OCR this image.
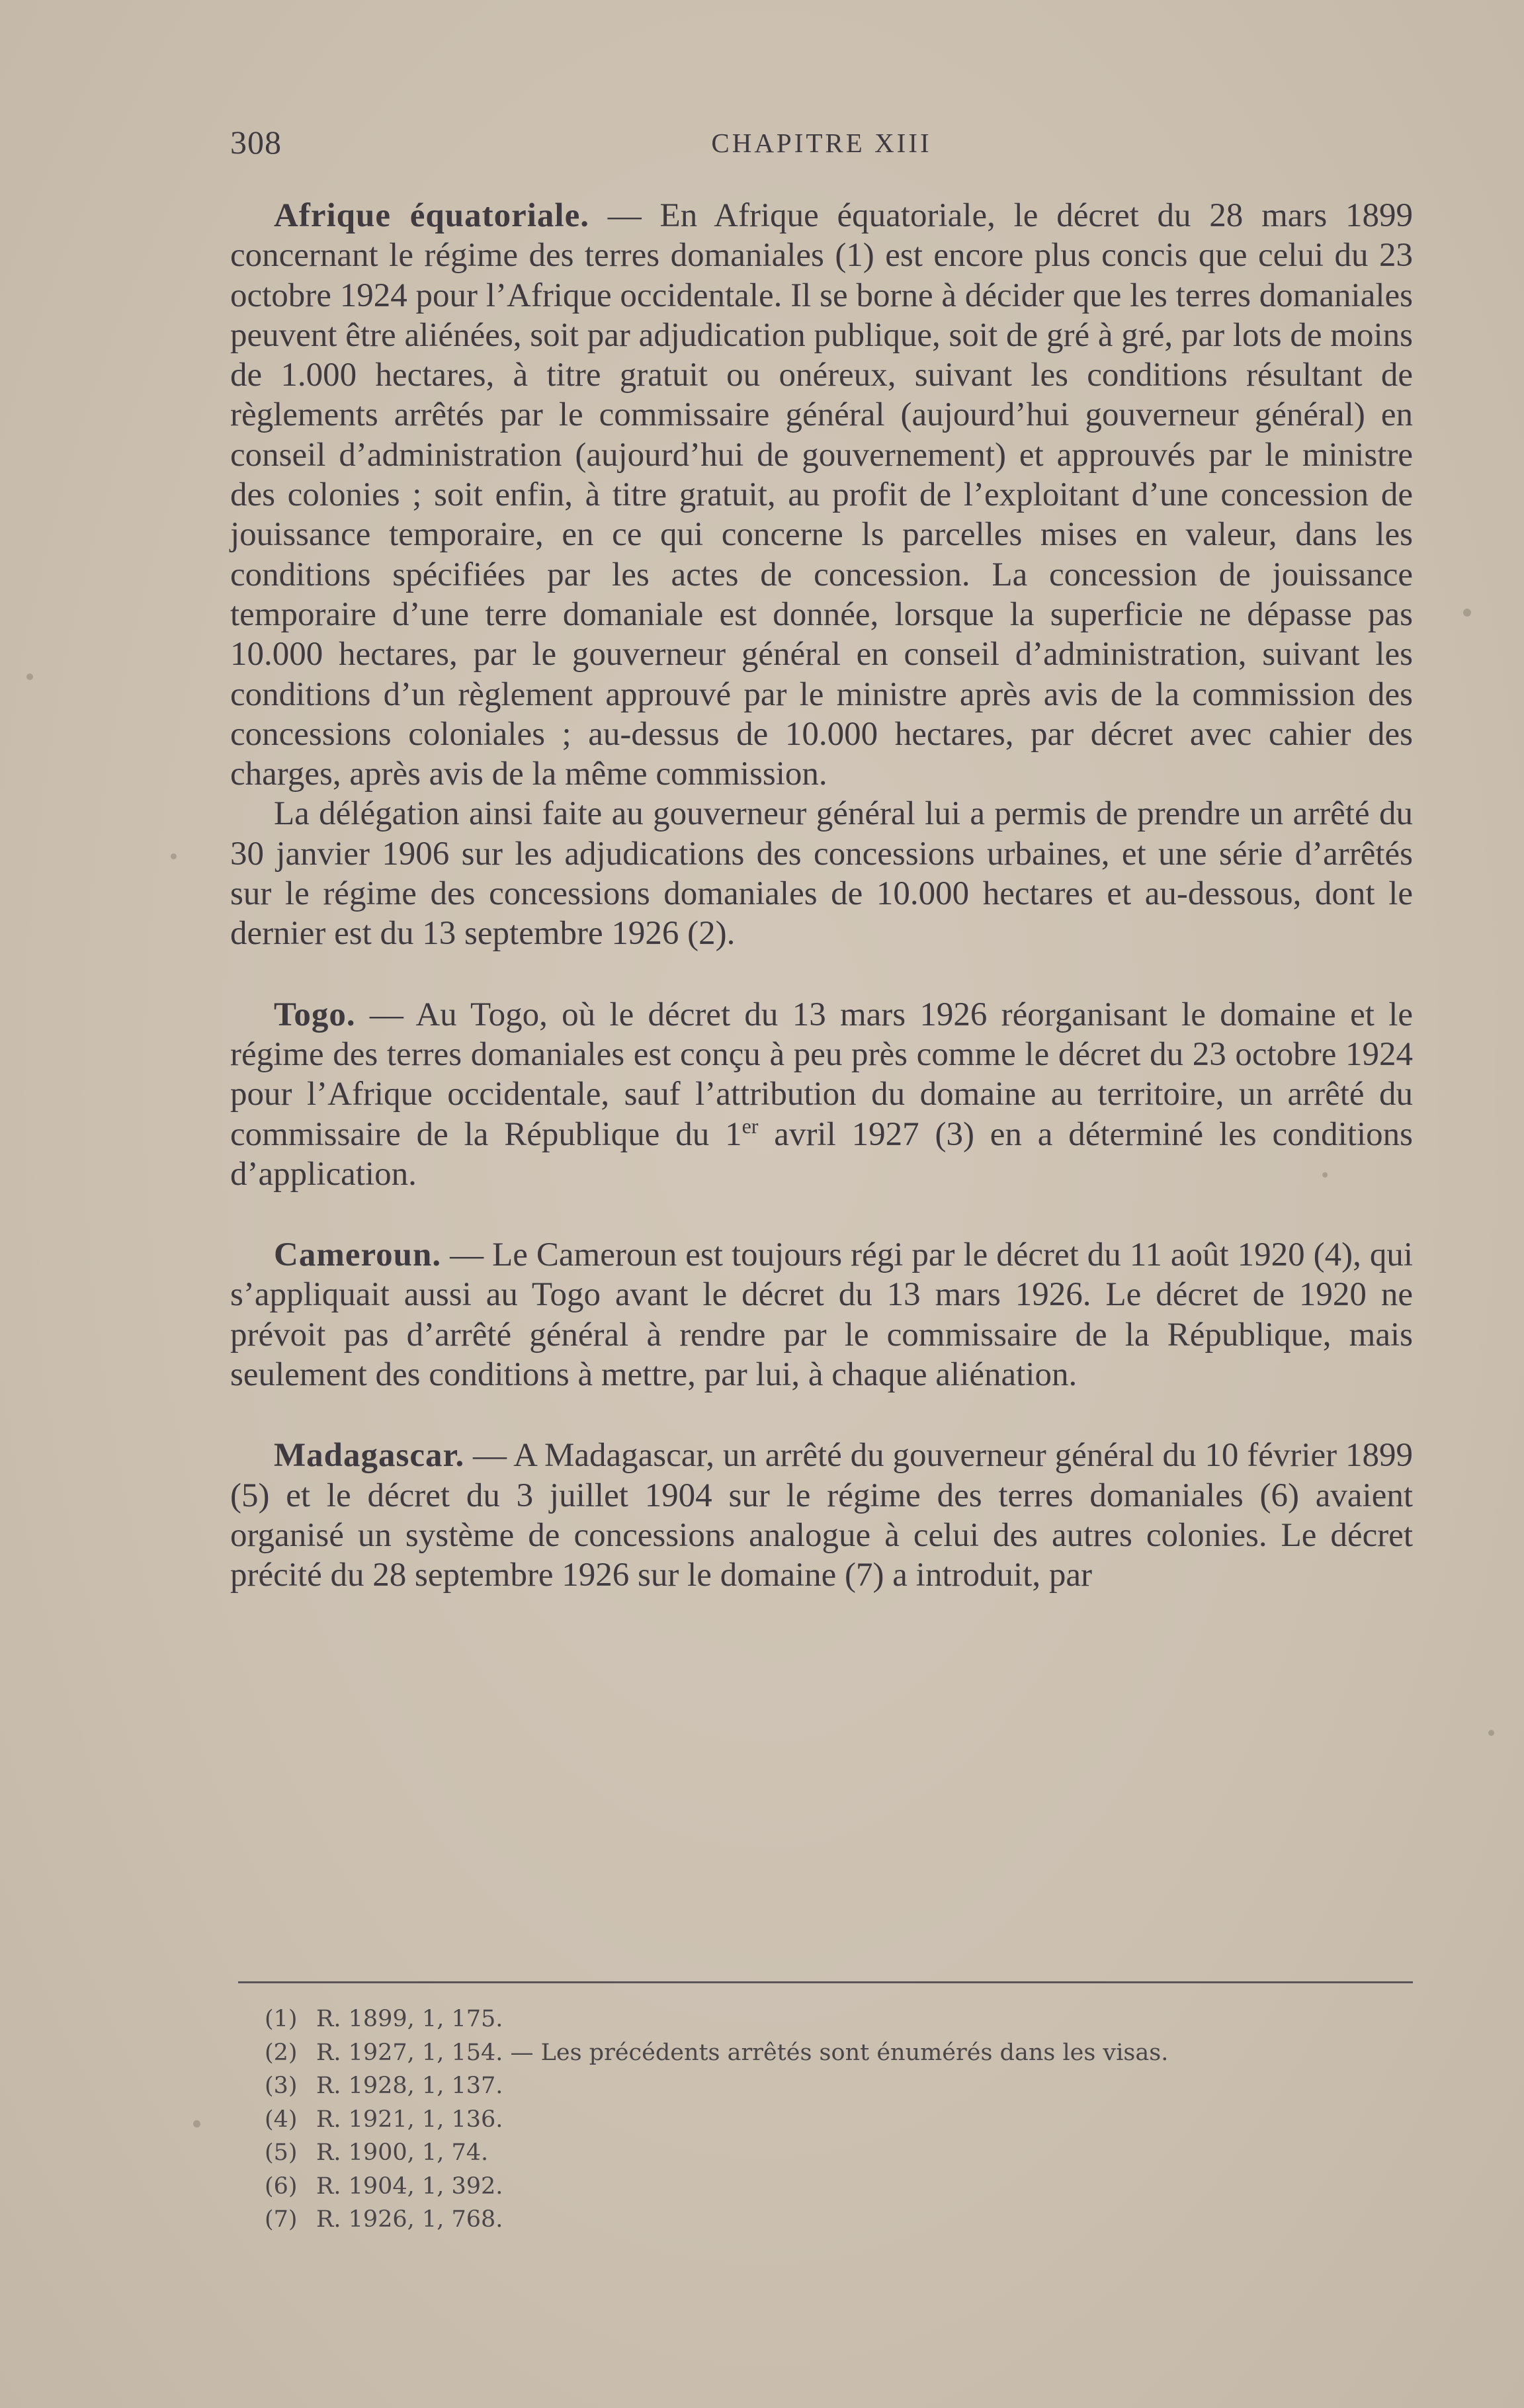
308	CHAPITRE XIII

Afrique équatoriale. — En Afrique équatoriale, le décret du 28 mars 1899 concernant le régime des terres domaniales (1) est encore plus concis que celui du 23 octobre 1924 pour l’Afrique occidentale. Il se borne à décider que les terres domaniales peuvent être aliénées, soit par adjudication publique, soit de gré à gré, par lots de moins de 1.000 hectares, à titre gratuit ou onéreux, suivant les conditions résultant de règlements arrêtés par le commissaire général (aujourd’hui gouverneur général) en conseil d’administration (aujourd’hui de gouvernement) et approuvés par le ministre des colonies ; soit enfin, à titre gratuit, au profit de l’exploitant d’une concession de jouissance temporaire, en ce qui concerne ls parcelles mises en valeur, dans les conditions spécifiées par les actes de concession. La concession de jouissance temporaire d’une terre domaniale est donnée, lorsque la superficie ne dépasse pas 10.000 hectares, par le gouverneur général en conseil d’administration, suivant les conditions d’un règlement approuvé par le ministre après avis de la commission des concessions coloniales ; au-dessus de 10.000 hectares, par décret avec cahier des charges, après avis de la même commission.

La délégation ainsi faite au gouverneur général lui a permis de prendre un arrêté du 30 janvier 1906 sur les adjudications des concessions urbaines, et une série d’arrêtés sur le régime des concessions domaniales de 10.000 hectares et au-dessous, dont le dernier est du 13 septembre 1926 (2).

Togo. — Au Togo, où le décret du 13 mars 1926 réorganisant le domaine et le régime des terres domaniales est conçu à peu près comme le décret du 23 octobre 1924 pour l’Afrique occidentale, sauf l’attribution du domaine au territoire, un arrêté du commissaire de la République du 1er avril 1927 (3) en a déterminé les conditions d’application.

Cameroun. — Le Cameroun est toujours régi par le décret du 11 août 1920 (4), qui s’appliquait aussi au Togo avant le décret du 13 mars 1926. Le décret de 1920 ne prévoit pas d’arrêté général à rendre par le commissaire de la République, mais seulement des conditions à mettre, par lui, à chaque aliénation.

Madagascar. — A Madagascar, un arrêté du gouverneur général du 10 février 1899 (5) et le décret du 3 juillet 1904 sur le régime des terres domaniales (6) avaient organisé un système de concessions analogue à celui des autres colonies. Le décret précité du 28 septembre 1926 sur le domaine (7) a introduit, par

(1) R. 1899, 1, 175.
(2) R. 1927, 1, 154. — Les précédents arrêtés sont énumérés dans les visas.
(3) R. 1928, 1, 137.
(4) R. 1921, 1, 136.
(5) R. 1900, 1, 74.
(6) R. 1904, 1, 392.
(7) R. 1926, 1, 768.
